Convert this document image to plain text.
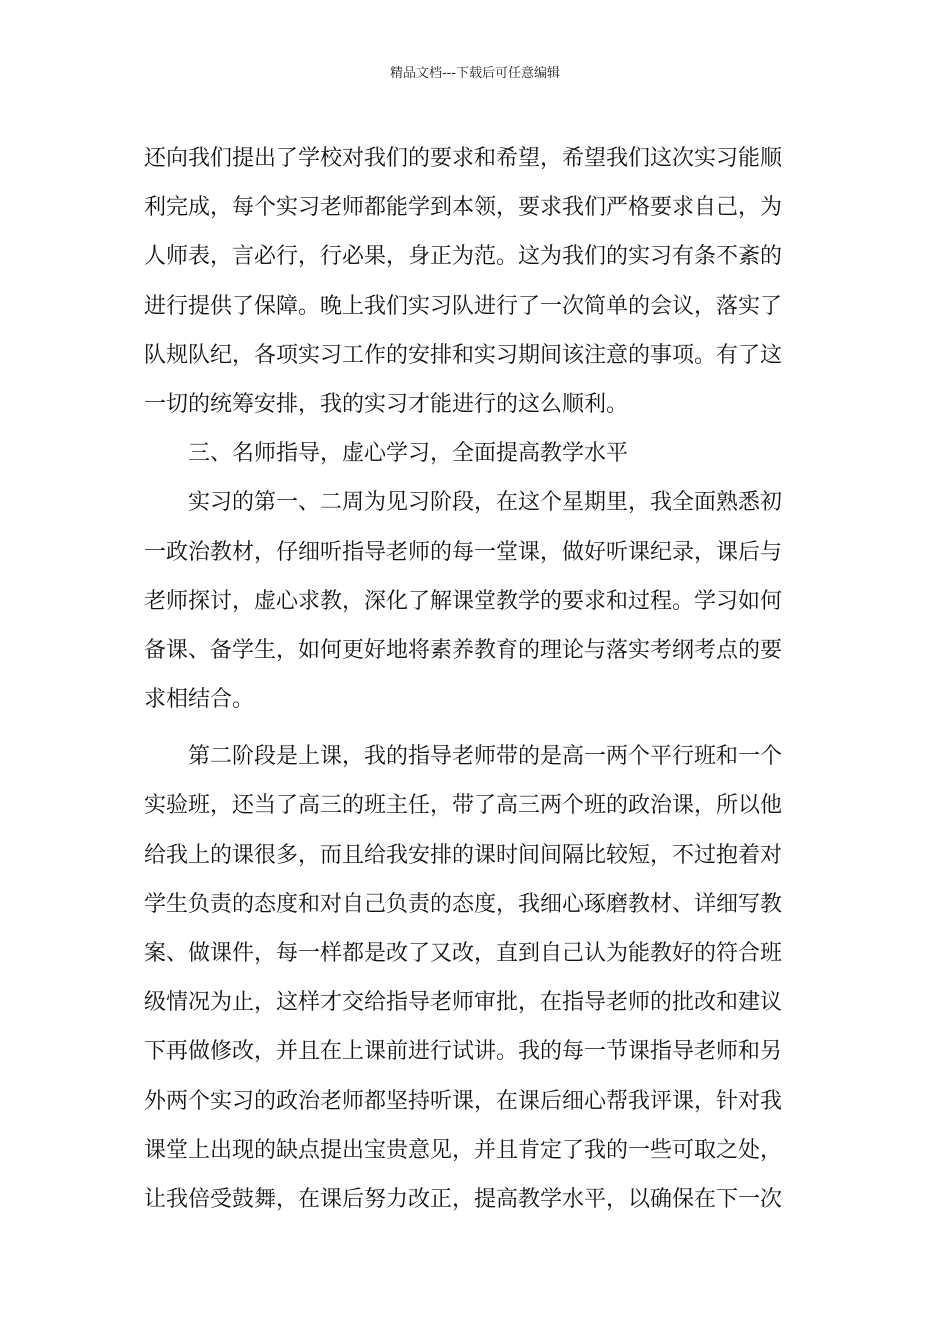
精品文档---下载后可任意编辑
还向我们提出了学校对我们的要求和希望，希望我们这次实习能顺
利完成，每个实习老师都能学到本领，要求我们严格要求自己，为
人师表，言必行，行必果，身正为范。这为我们的实习有条不紊的
进行提供了保障。晚上我们实习队进行了一次简单的会议，落实了
队规队纪，各项实习工作的安排和实习期间该注意的事项。有了这
一切的统筹安排，我的实习才能进行的这么顺利。
三、名师指导，虚心学习，全面提高教学水平
实习的第一、二周为见习阶段，在这个星期里，我全面熟悉初
一政治教材，仔细听指导老师的每一堂课，做好听课纪录，课后与
老师探讨，虚心求教，深化了解课堂教学的要求和过程。学习如何
备课、备学生，如何更好地将素养教育的理论与落实考纲考点的要
求相结合。
第二阶段是上课，我的指导老师带的是高一两个平行班和一个
实验班，还当了高三的班主任，带了高三两个班的政治课，所以他
给我上的课很多，而且给我安排的课时间间隔比较短，不过抱着对
学生负责的态度和对自己负责的态度，我细心琢磨教材、详细写教
案、做课件，每一样都是改了又改，直到自己认为能教好的符合班
级情况为止，这样才交给指导老师审批，在指导老师的批改和建议
下再做修改，并且在上课前进行试讲。我的每一节课指导老师和另
外两个实习的政治老师都坚持听课，在课后细心帮我评课，针对我
课堂上出现的缺点提出宝贵意见，并且肯定了我的一些可取之处，
让我倍受鼓舞，在课后努力改正，提高教学水平，以确保在下一次
